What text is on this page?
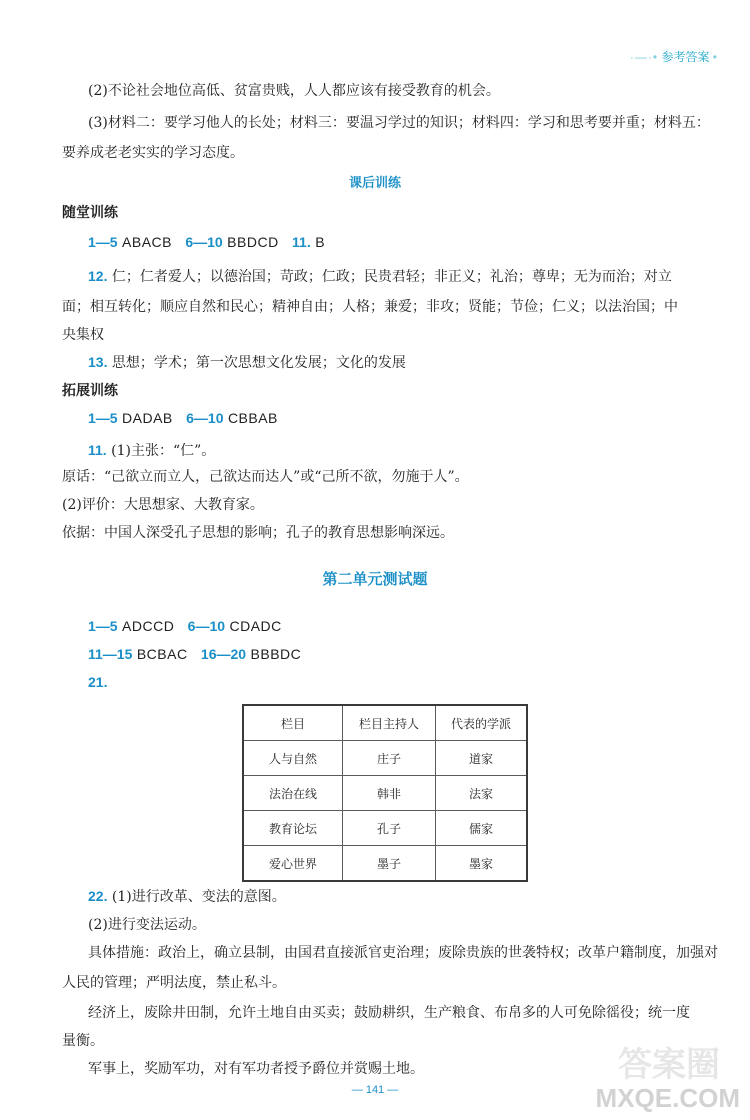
·—·• 参考答案 •
(2)不论社会地位高低、贫富贵贱，人人都应该有接受教育的机会。
(3)材料二：要学习他人的长处；材料三：要温习学过的知识；材料四：学习和思考要并重；材料五：
要养成老老实实的学习态度。
课后训练
随堂训练
1—5 ABACB 6—10 BBDCD 11. B
12. 仁；仁者爱人；以德治国；苛政；仁政；民贵君轻；非正义；礼治；尊卑；无为而治；对立
面；相互转化；顺应自然和民心；精神自由；人格；兼爱；非攻；贤能；节俭；仁义；以法治国；中
央集权
13. 思想；学术；第一次思想文化发展；文化的发展
拓展训练
1—5 DADAB 6—10 CBBAB
11. (1)主张：“仁”。
原话：“己欲立而立人，己欲达而达人”或“己所不欲，勿施于人”。
(2)评价：大思想家、大教育家。
依据：中国人深受孔子思想的影响；孔子的教育思想影响深远。
第二单元测试题
1—5 ADCCD 6—10 CDADC
11—15 BCBAC 16—20 BBBDC
21.
栏目	栏目主持人	代表的学派
人与自然	庄子	道家
法治在线	韩非	法家
教育论坛	孔子	儒家
爱心世界	墨子	墨家
22. (1)进行改革、变法的意图。
(2)进行变法运动。
具体措施：政治上，确立县制，由国君直接派官吏治理；废除贵族的世袭特权；改革户籍制度，加强对
人民的管理；严明法度，禁止私斗。
经济上，废除井田制，允许土地自由买卖；鼓励耕织，生产粮食、布帛多的人可免除徭役；统一度
量衡。
军事上，奖励军功，对有军功者授予爵位并赏赐土地。
— 141 —
答案圈
MXQE.COM
